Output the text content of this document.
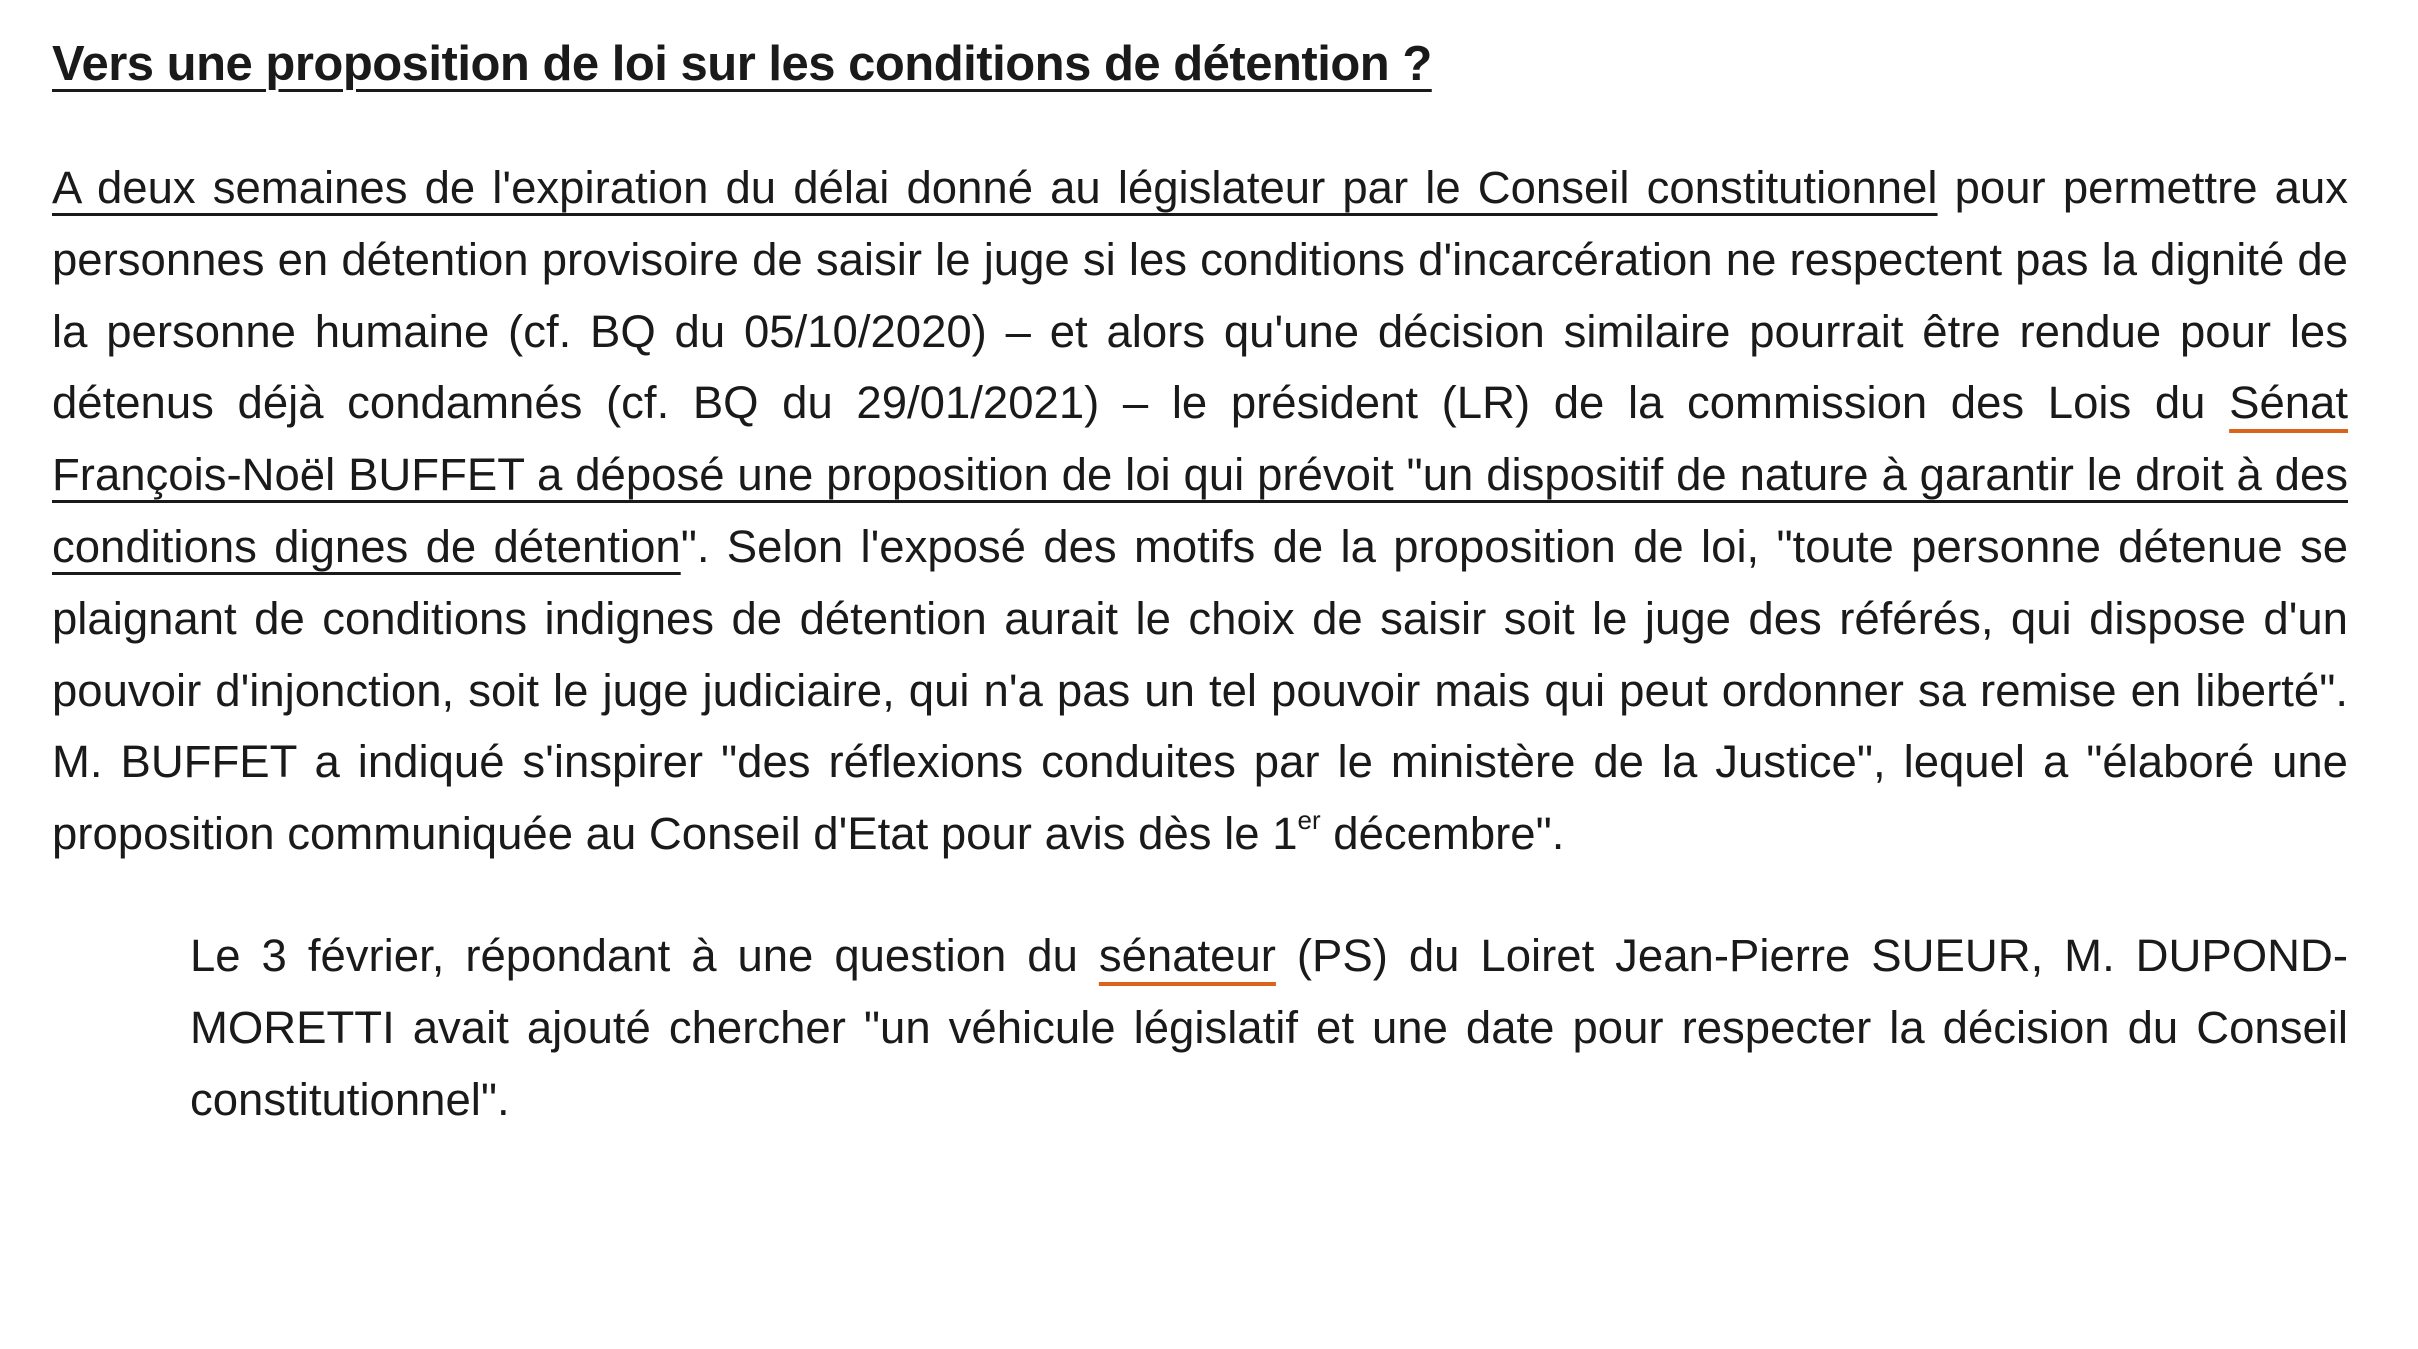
Vers une proposition de loi sur les conditions de détention ?

A deux semaines de l'expiration du délai donné au législateur par le Conseil constitutionnel pour permettre aux personnes en détention provisoire de saisir le juge si les conditions d'incarcération ne respectent pas la dignité de la personne humaine (cf. BQ du 05/10/2020) – et alors qu'une décision similaire pourrait être rendue pour les détenus déjà condamnés (cf. BQ du 29/01/2021) – le président (LR) de la commission des Lois du Sénat François-Noël BUFFET a déposé une proposition de loi qui prévoit "un dispositif de nature à garantir le droit à des conditions dignes de détention". Selon l'exposé des motifs de la proposition de loi, "toute personne détenue se plaignant de conditions indignes de détention aurait le choix de saisir soit le juge des référés, qui dispose d'un pouvoir d'injonction, soit le juge judiciaire, qui n'a pas un tel pouvoir mais qui peut ordonner sa remise en liberté". M. BUFFET a indiqué s'inspirer "des réflexions conduites par le ministère de la Justice", lequel a "élaboré une proposition communiquée au Conseil d'Etat pour avis dès le 1er décembre".

Le 3 février, répondant à une question du sénateur (PS) du Loiret Jean-Pierre SUEUR, M. DUPOND-MORETTI avait ajouté chercher "un véhicule législatif et une date pour respecter la décision du Conseil constitutionnel".
